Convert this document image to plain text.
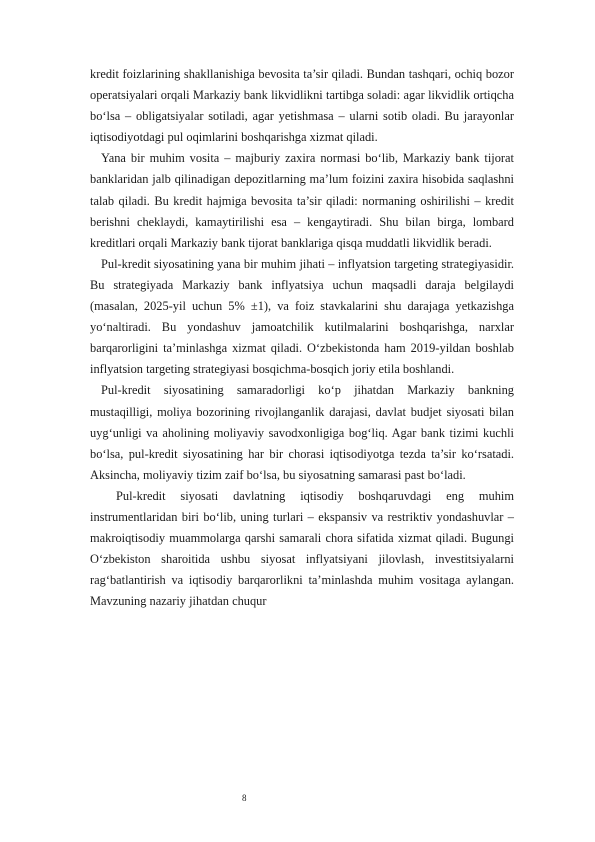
kredit foizlarining shakllanishiga bevosita ta’sir qiladi. Bundan tashqari, ochiq bozor operatsiyalari orqali Markaziy bank likvidlikni tartibga soladi: agar likvidlik ortiqcha bo‘lsa – obligatsiyalar sotiladi, agar yetishmasa – ularni sotib oladi. Bu jarayonlar iqtisodiyotdagi pul oqimlarini boshqarishga xizmat qiladi.

Yana bir muhim vosita – majburiy zaxira normasi bo‘lib, Markaziy bank tijorat banklaridan jalb qilinadigan depozitlarning ma’lum foizini zaxira hisobida saqlashni talab qiladi. Bu kredit hajmiga bevosita ta’sir qiladi: normaning oshirilishi – kredit berishni cheklaydi, kamaytirilishi esa – kengaytiradi. Shu bilan birga, lombard kreditlari orqali Markaziy bank tijorat banklariga qisqa muddatli likvidlik beradi.

Pul-kredit siyosatining yana bir muhim jihati – inflyatsion targeting strategiyasidir. Bu strategiyada Markaziy bank inflyatsiya uchun maqsadli daraja belgilaydi (masalan, 2025-yil uchun 5% ±1), va foiz stavkalarini shu darajaga yetkazishga yo‘naltiradi. Bu yondashuv jamoatchilik kutilmalarini boshqarishga, narxlar barqarorligini ta’minlashga xizmat qiladi. O‘zbekistonda ham 2019-yildan boshlab inflyatsion targeting strategiyasi bosqichma-bosqich joriy etila boshlandi.

Pul-kredit siyosatining samaradorligi ko‘p jihatdan Markaziy bankning mustaqilligi, moliya bozorining rivojlanganlik darajasi, davlat budjet siyosati bilan uyg‘unligi va aholining moliyaviy savodxonligiga bog‘liq. Agar bank tizimi kuchli bo‘lsa, pul-kredit siyosatining har bir chorasi iqtisodiyotga tezda ta’sir ko‘rsatadi. Aksincha, moliyaviy tizim zaif bo‘lsa, bu siyosatning samarasi past bo‘ladi.

Pul-kredit siyosati davlatning iqtisodiy boshqaruvdagi eng muhim instrumentlaridan biri bo‘lib, uning turlari – ekspansiv va restriktiv yondashuvlar – makroiqtisodiy muammolarga qarshi samarali chora sifatida xizmat qiladi. Bugungi O‘zbekiston sharoitida ushbu siyosat inflyatsiyani jilovlash, investitsiyalarni rag‘batlantirish va iqtisodiy barqarorlikni ta’minlashda muhim vositaga aylangan. Mavzuning nazariy jihatdan chuqur

8
